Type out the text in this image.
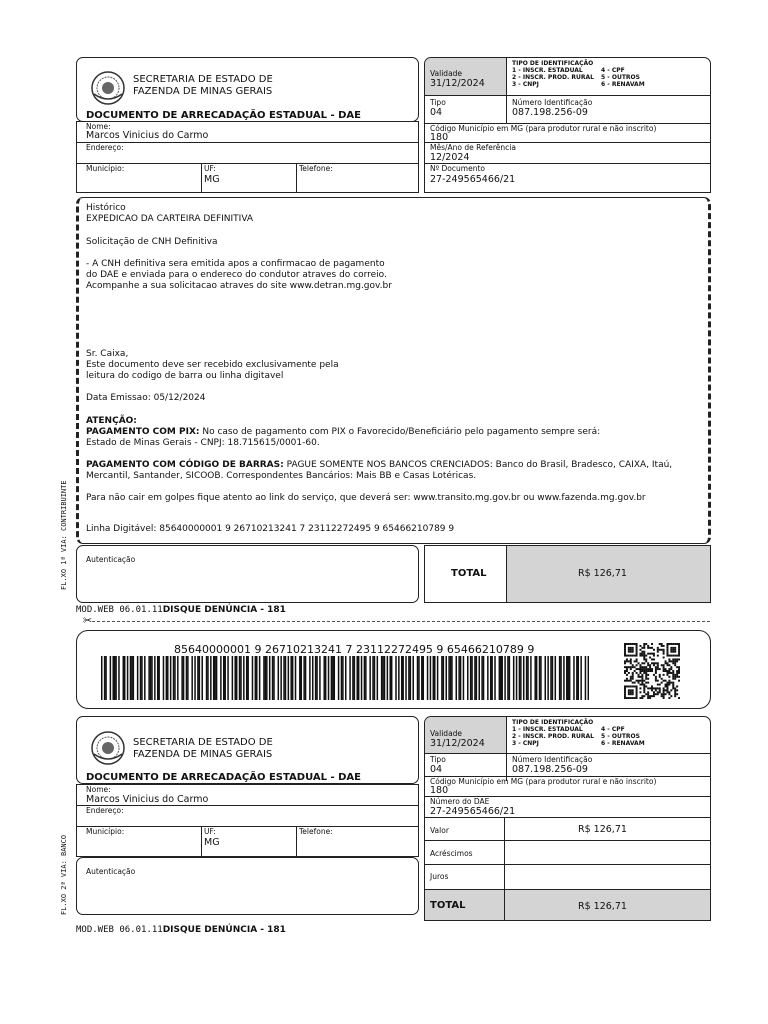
SECRETARIA DE ESTADO DE
FAZENDA DE MINAS GERAIS
DOCUMENTO DE ARRECADAÇÃO ESTADUAL - DAE
Nome:
Marcos Vinicius do Carmo
Endereço:
Município:	UF:
MG
Telefone:
Validade
31/12/2024
TIPO DE IDENTIFICAÇÃO
1 - INSCR. ESTADUAL
2 - INSCR. PROD. RURAL
3 - CNPJ
4 - CPF
5 - OUTROS
6 - RENAVAM
Tipo
04
Número Identificação
087.198.256-09
Código Município em MG (para produtor rural e não inscrito)
180
Mês/Ano de Referência
12/2024
Nº Documento
27-249565466/21
Histórico
EXPEDICAO DA CARTEIRA DEFINITIVA
Solicitação de CNH Definitiva
- A CNH definitiva sera emitida apos a confirmacao de pagamento
do DAE e enviada para o endereco do condutor atraves do correio.
Acompanhe a sua solicitacao atraves do site www.detran.mg.gov.br
Sr. Caixa,
Este documento deve ser recebido exclusivamente pela
leitura do codigo de barra ou linha digitavel
Data Emissao: 05/12/2024
ATENÇÃO:
PAGAMENTO COM PIX: No caso de pagamento com PIX o Favorecido/Beneficiário pelo pagamento sempre será:
Estado de Minas Gerais - CNPJ: 18.715615/0001-60.
PAGAMENTO COM CÓDIGO DE BARRAS: PAGUE SOMENTE NOS BANCOS CRENCIADOS: Banco do Brasil, Bradesco, CAIXA, Itaú,
Mercantil, Santander, SICOOB. Correspondentes Bancários: Mais BB e Casas Lotéricas.
Para não cair em golpes fique atento ao link do serviço, que deverá ser: www.transito.mg.gov.br ou www.fazenda.mg.gov.br
Linha Digitável: 85640000001 9 26710213241 7 23112272495 9 65466210789 9
Autenticação
TOTAL	R$ 126,71
MOD.WEB 06.01.11DISQUE DENÚNCIA - 181
FL.XO 1ª VIA: CONTRIBUINTE
✂
85640000001 9 26710213241 7 23112272495 9 65466210789 9
SECRETARIA DE ESTADO DE
FAZENDA DE MINAS GERAIS
DOCUMENTO DE ARRECADAÇÃO ESTADUAL - DAE
Nome:
Marcos Vinicius do Carmo
Endereço:
Município:	UF:
MG
Telefone:
Validade
31/12/2024
TIPO DE IDENTIFICAÇÃO
1 - INSCR. ESTADUAL
2 - INSCR. PROD. RURAL
3 - CNPJ
4 - CPF
5 - OUTROS
6 - RENAVAM
Tipo
04
Número Identificação
087.198.256-09
Código Município em MG (para produtor rural e não inscrito)
180
Número do DAE
27-249565466/21
Valor	R$ 126,71
Acréscimos
Juros
TOTAL	R$ 126,71
Autenticação
MOD.WEB 06.01.11DISQUE DENÚNCIA - 181
FL.XO 2ª VIA: BANCO
